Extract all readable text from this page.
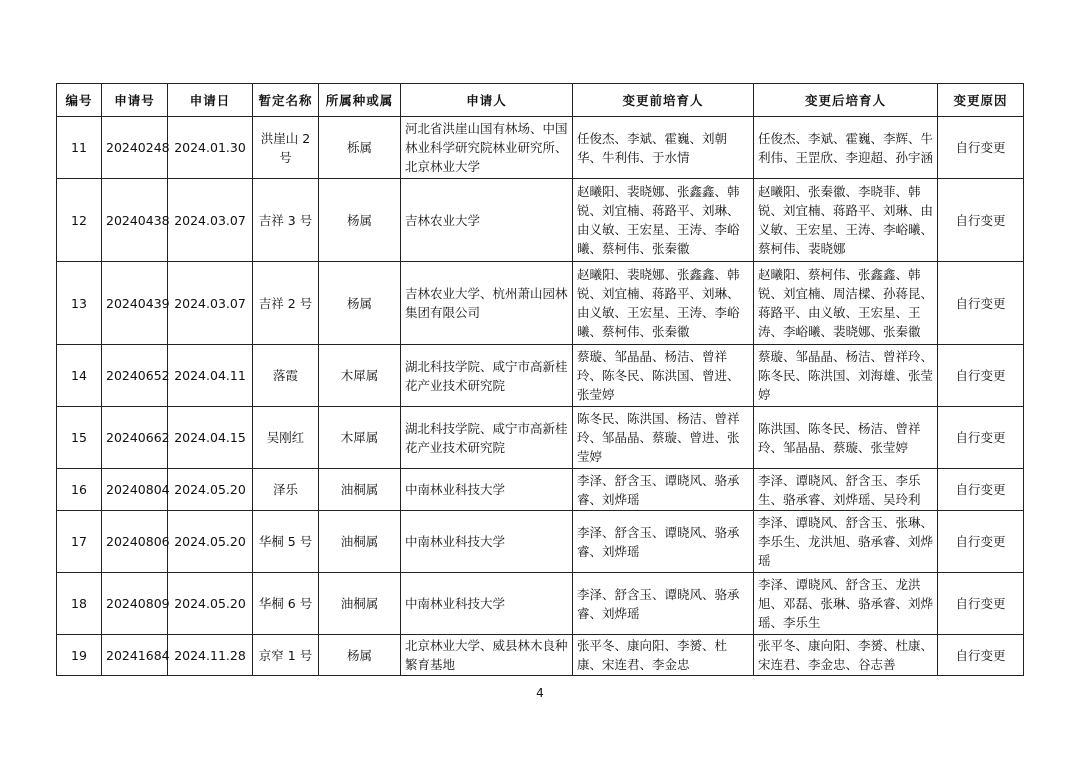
编号	申请号	申请日	暂定名称	所属种或属	申请人	变更前培育人	变更后培育人	变更原因
11	20240248	2024.01.30	洪崖山 2 号	栎属	河北省洪崖山国有林场、中国林业科学研究院林业研究所、北京林业大学	任俊杰、李斌、霍巍、刘朝华、牛利伟、于水情	任俊杰、李斌、霍巍、李辉、牛利伟、王罡欣、李迎超、孙宇涵	自行变更
12	20240438	2024.03.07	吉祥 3 号	杨属	吉林农业大学	赵曦阳、裴晓娜、张鑫鑫、韩锐、刘宜楠、蒋路平、刘琳、由义敏、王宏星、王涛、李峪曦、蔡柯伟、张秦徽	赵曦阳、张秦徽、李晓菲、韩锐、刘宜楠、蒋路平、刘琳、由义敏、王宏星、王涛、李峪曦、蔡柯伟、裴晓娜	自行变更
13	20240439	2024.03.07	吉祥 2 号	杨属	吉林农业大学、杭州萧山园林集团有限公司	赵曦阳、裴晓娜、张鑫鑫、韩锐、刘宜楠、蒋路平、刘琳、由义敏、王宏星、王涛、李峪曦、蔡柯伟、张秦徽	赵曦阳、蔡柯伟、张鑫鑫、韩锐、刘宜楠、周洁樑、孙蒋昆、蒋路平、由义敏、王宏星、王涛、李峪曦、裴晓娜、张秦徽	自行变更
14	20240652	2024.04.11	落霞	木犀属	湖北科技学院、咸宁市高新桂花产业技术研究院	蔡璇、邹晶晶、杨洁、曾祥玲、陈冬民、陈洪国、曾进、张莹婷	蔡璇、邹晶晶、杨洁、曾祥玲、陈冬民、陈洪国、刘海雄、张莹婷	自行变更
15	20240662	2024.04.15	吴刚红	木犀属	湖北科技学院、咸宁市高新桂花产业技术研究院	陈冬民、陈洪国、杨洁、曾祥玲、邹晶晶、蔡璇、曾进、张莹婷	陈洪国、陈冬民、杨洁、曾祥玲、邹晶晶、蔡璇、张莹婷	自行变更
16	20240804	2024.05.20	泽乐	油桐属	中南林业科技大学	李泽、舒含玉、谭晓风、骆承睿、刘烨瑶	李泽、谭晓风、舒含玉、李乐生、骆承睿、刘烨瑶、吴玲利	自行变更
17	20240806	2024.05.20	华桐 5 号	油桐属	中南林业科技大学	李泽、舒含玉、谭晓风、骆承睿、刘烨瑶	李泽、谭晓风、舒含玉、张琳、李乐生、龙洪旭、骆承睿、刘烨瑶	自行变更
18	20240809	2024.05.20	华桐 6 号	油桐属	中南林业科技大学	李泽、舒含玉、谭晓风、骆承睿、刘烨瑶	李泽、谭晓风、舒含玉、龙洪旭、邓磊、张琳、骆承睿、刘烨瑶、李乐生	自行变更
19	20241684	2024.11.28	京窄 1 号	杨属	北京林业大学、威县林木良种繁育基地	张平冬、康向阳、李赟、杜康、宋连君、李金忠	张平冬、康向阳、李赟、杜康、宋连君、李金忠、谷志善	自行变更
4
